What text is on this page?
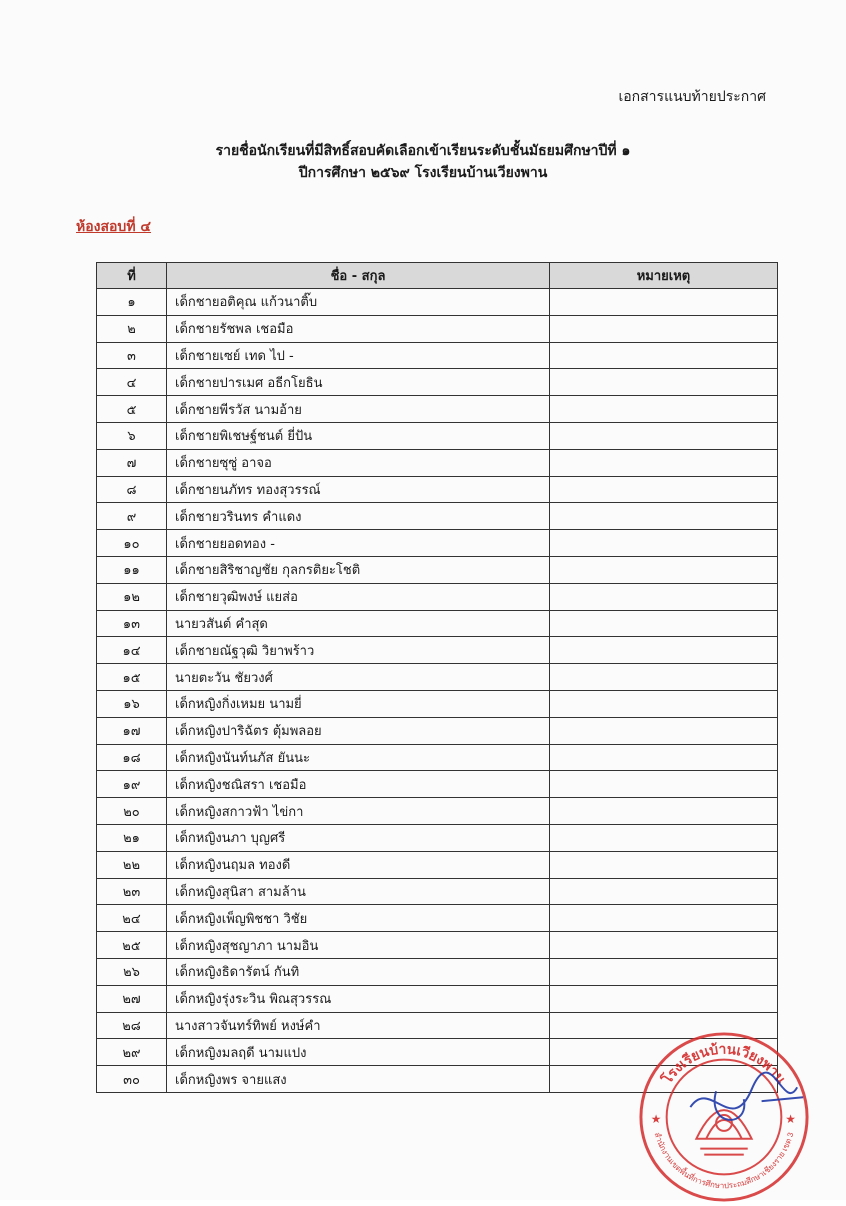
เอกสารแนบท้ายประกาศ
รายชื่อนักเรียนที่มีสิทธิ์สอบคัดเลือกเข้าเรียนระดับชั้นมัธยมศึกษาปีที่ ๑
ปีการศึกษา ๒๕๖๙ โรงเรียนบ้านเวียงพาน
ห้องสอบที่ ๔
ที่	ชื่อ - สกุล	หมายเหตุ
๑	เด็กชายอติคุณ แก้วนาติ๊บ	
๒	เด็กชายรัชพล เชอมือ	
๓	เด็กชายเซย์ เทด ไป -	
๔	เด็กชายปารเมศ อธีกโยธิน	
๕	เด็กชายพีรวัส นามอ้าย	
๖	เด็กชายพิเชษฐ์ชนต์ ยี่ปัน	
๗	เด็กชายซุซู่ อาจอ	
๘	เด็กชายนภัทร ทองสุวรรณ์	
๙	เด็กชายวรินทร คำแดง	
๑๐	เด็กชายยอดทอง -	
๑๑	เด็กชายสิริชาญชัย กุลกรติยะโชติ	
๑๒	เด็กชายวุฒิพงษ์ แยส่อ	
๑๓	นายวสันต์ คำสุด	
๑๔	เด็กชายณัฐวุฒิ วิยาพร้าว	
๑๕	นายตะวัน ชัยวงศ์	
๑๖	เด็กหญิงกิ่งเหมย นามยี่	
๑๗	เด็กหญิงปาริฉัตร ตุ้มพลอย	
๑๘	เด็กหญิงนันท์นภัส ยันนะ	
๑๙	เด็กหญิงชณิสรา เชอมือ	
๒๐	เด็กหญิงสกาวฟ้า ไข่กา	
๒๑	เด็กหญิงนภา บุญศรี	
๒๒	เด็กหญิงนฤมล ทองดี	
๒๓	เด็กหญิงสุนิสา สามล้าน	
๒๔	เด็กหญิงเพ็ญพิชชา วิชัย	
๒๕	เด็กหญิงสุชญาภา นามอิน	
๒๖	เด็กหญิงธิดารัตน์ กันทิ	
๒๗	เด็กหญิงรุ่งระวิน พิณสุวรรณ	
๒๘	นางสาวจันทร์ทิพย์ หงษ์คำ	
๒๙	เด็กหญิงมลฤดี นามแปง	
๓๐	เด็กหญิงพร จายแสง		โรงเรียนบ้านเวียงพาน
สำนักงานเขตพื้นที่การศึกษาประถมศึกษาเชียงราย เขต 3
★	★
